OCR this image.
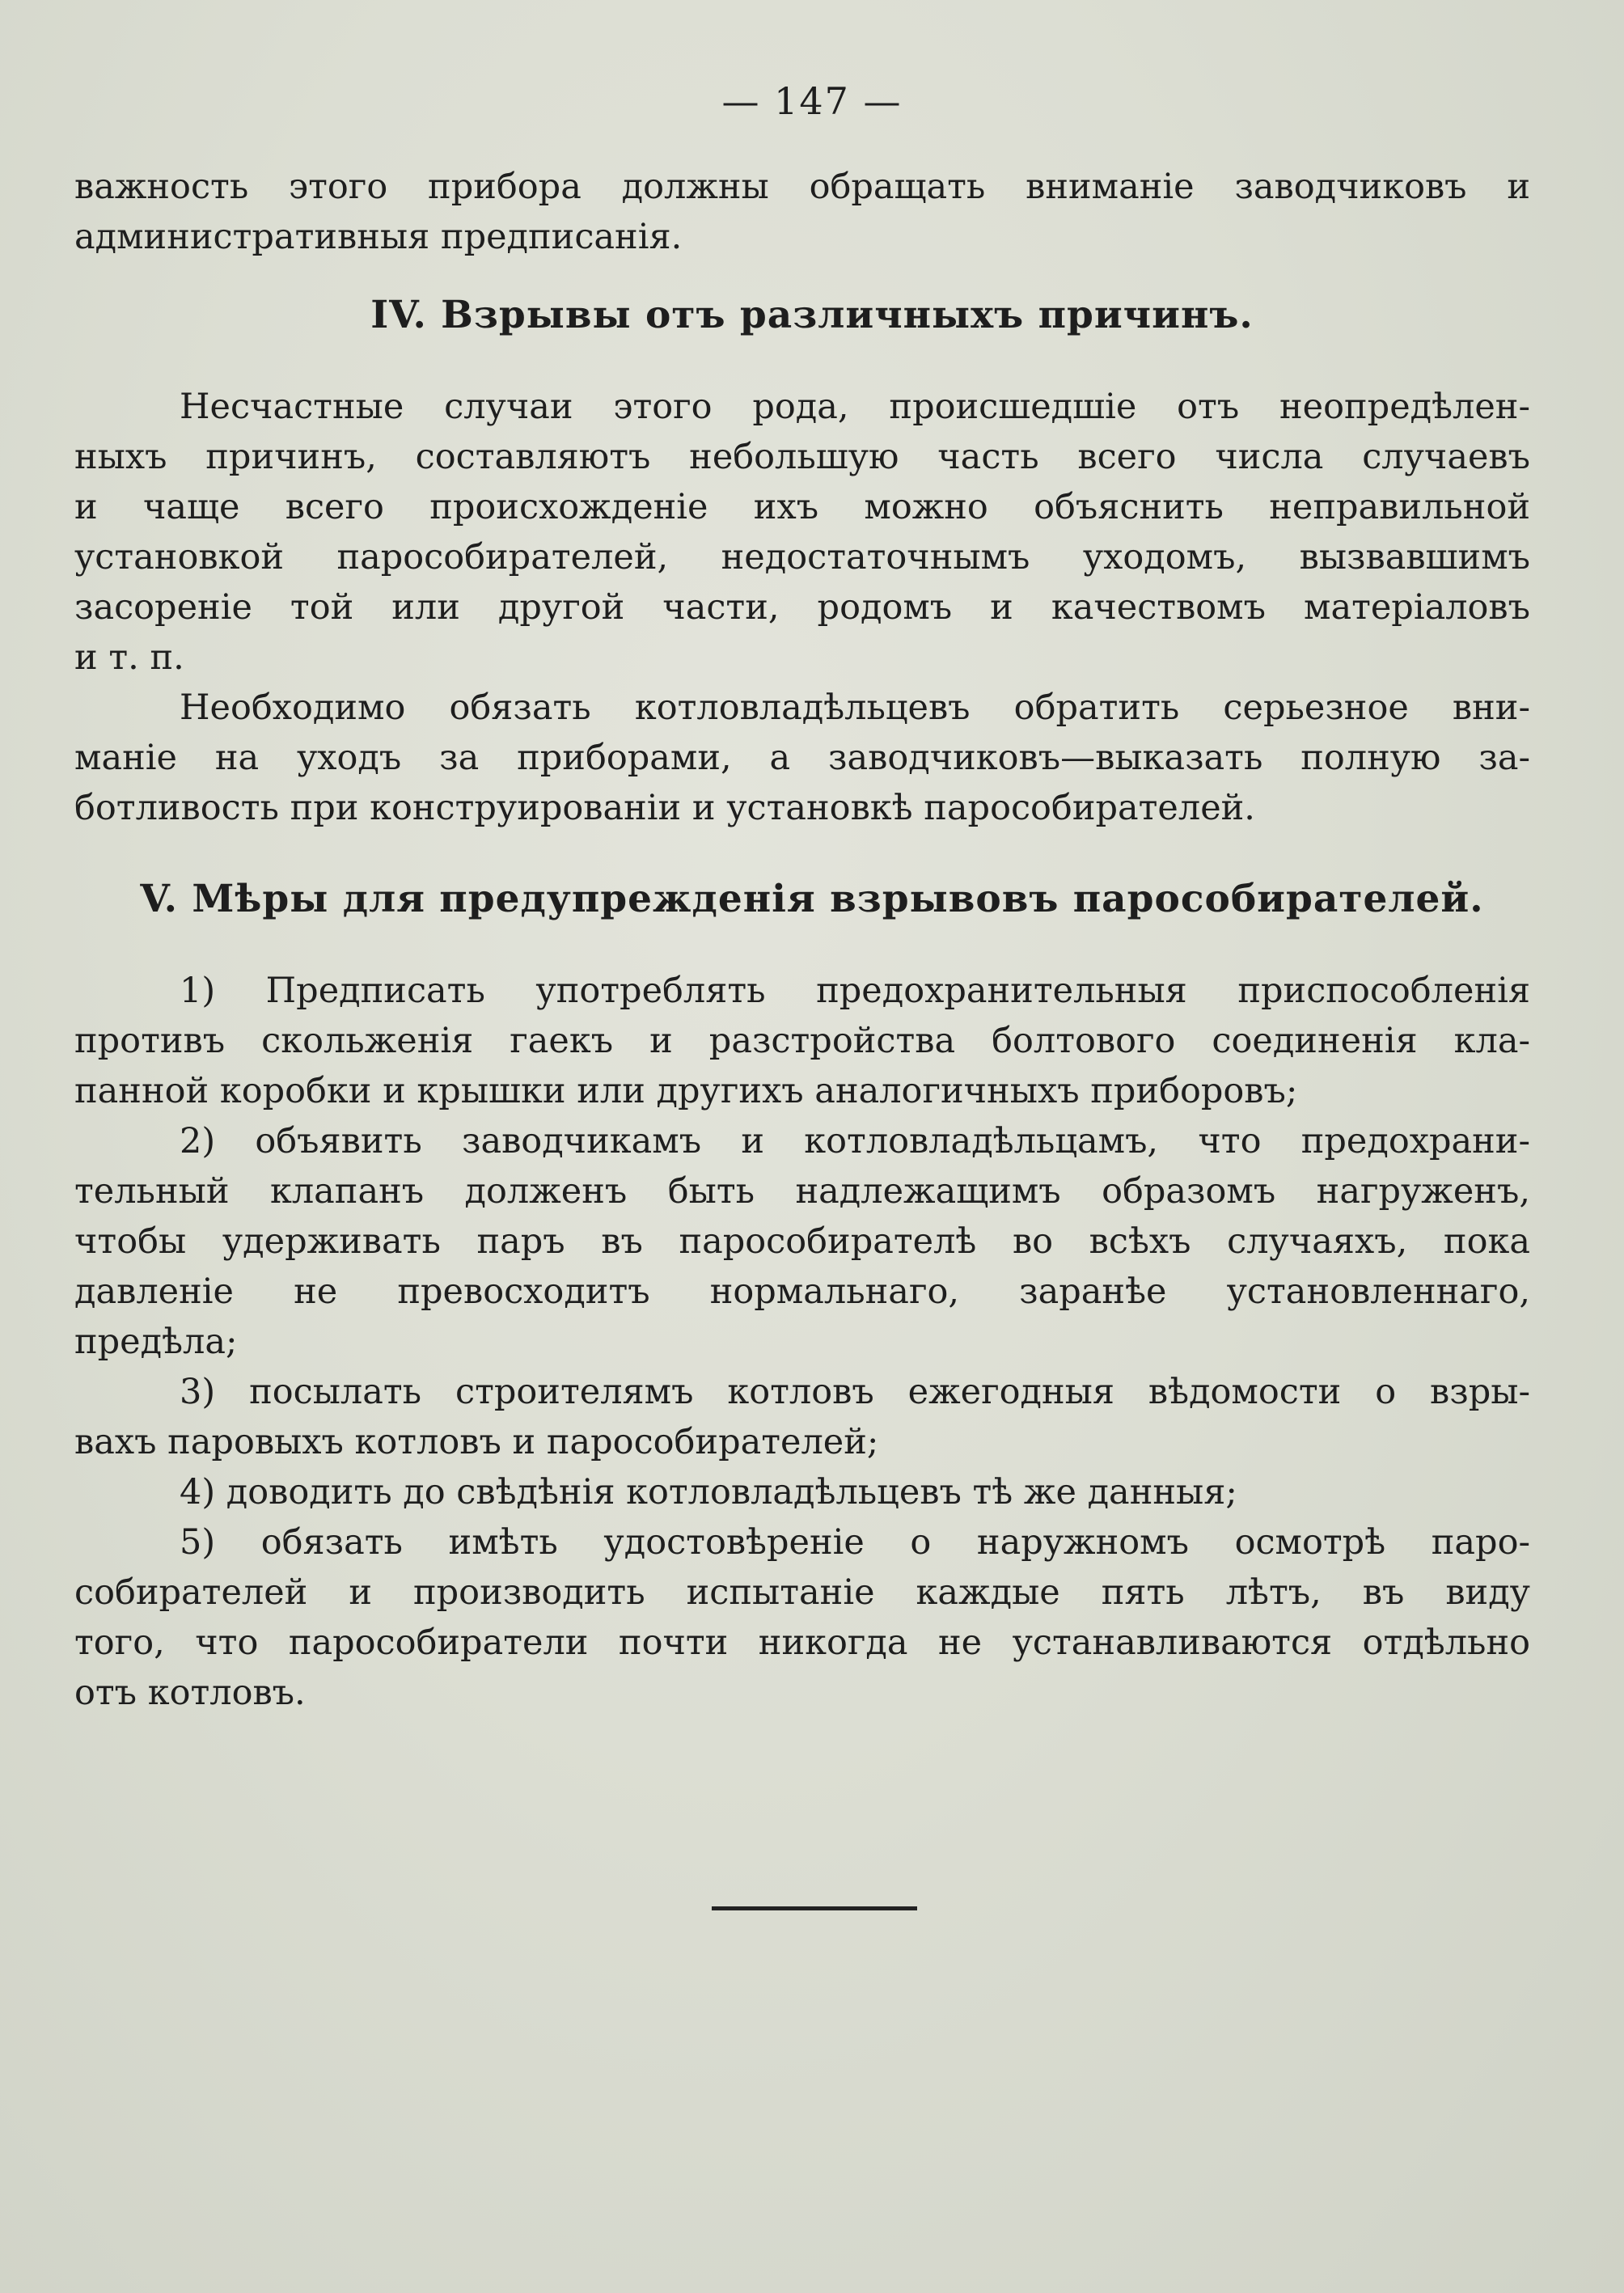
— 147 —

важность этого прибора должны обращать вниманіе заводчиковъ и

административныя предписанія.

IV. Взрывы отъ различныхъ причинъ.

Несчастные случаи этого рода, происшедшіе отъ неопредѣлен-

ныхъ причинъ, составляютъ небольшую часть всего числа случаевъ

и чаще всего происхожденіе ихъ можно объяснить неправильной

установкой паросoбирателей, недостаточнымъ уходомъ, вызвавшимъ

засореніе той или другой части, родомъ и качествомъ матеріаловъ

и т. п.

Необходимо обязать котловладѣльцевъ обратить серьезное вни-

маніе на уходъ за приборами, а заводчиковъ—выказать полную за-

ботливость при конструированіи и установкѣ паросoбирателей.

V. Мѣры для предупрежденія взрывовъ паросoбирателей.

1) Предписать употреблять предохранительныя приспособленія

противъ скольженія гаекъ и разстройства болтового соединенія кла-

панной коробки и крышки или другихъ аналогичныхъ приборовъ;

2) объявить заводчикамъ и котловладѣльцамъ, что предохрани-

тельный клапанъ долженъ быть надлежащимъ образомъ нагруженъ,

чтобы удерживать паръ въ паросoбирателѣ во всѣхъ случаяхъ, пока

давленіе не превосходитъ нормальнаго, заранѣе установленнаго,

предѣла;

3) посылать строителямъ котловъ ежегодныя вѣдомости о взры-

вахъ паровыхъ котловъ и паросoбирателей;

4) доводить до свѣдѣнія котловладѣльцевъ тѣ же данныя;

5) обязать имѣть удостовѣреніе о наружномъ осмотрѣ паро-

сoбирателей и производить испытаніе каждые пять лѣтъ, въ виду

того, что паросoбиратели почти никогда не устанавливаются отдѣльно

отъ котловъ.
